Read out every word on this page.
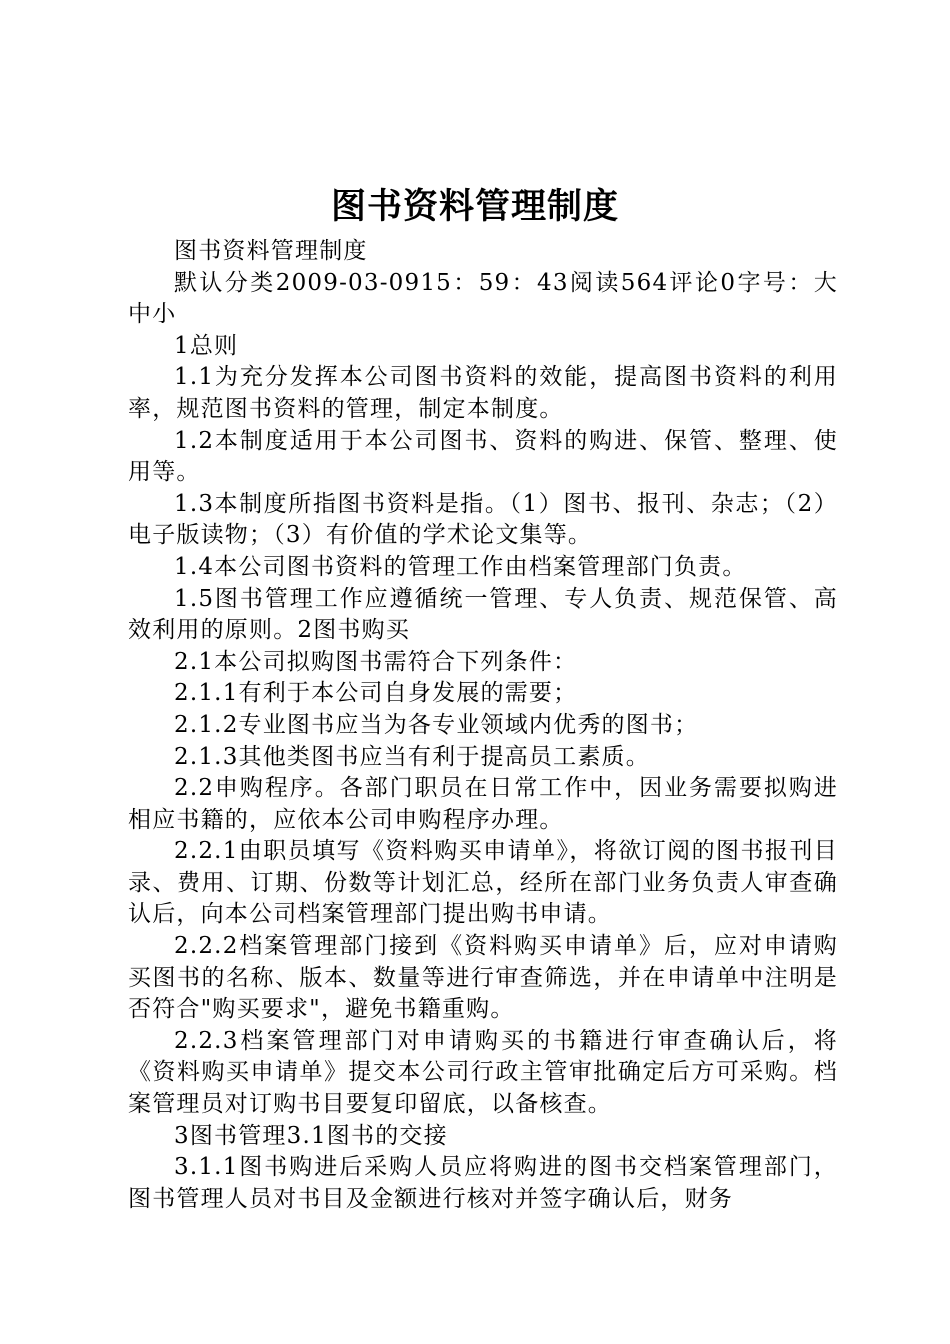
图书资料管理制度

图书资料管理制度

默认分类2009-03-0915：59：43阅读564评论0字号：大中小

1总则

1.1为充分发挥本公司图书资料的效能，提高图书资料的利用率，规范图书资料的管理，制定本制度。

1.2本制度适用于本公司图书、资料的购进、保管、整理、使用等。

1.3本制度所指图书资料是指。（1）图书、报刊、杂志；（2）电子版读物；（3）有价值的学术论文集等。

1.4本公司图书资料的管理工作由档案管理部门负责。

1.5图书管理工作应遵循统一管理、专人负责、规范保管、高效利用的原则。2图书购买

2.1本公司拟购图书需符合下列条件：

2.1.1有利于本公司自身发展的需要；

2.1.2专业图书应当为各专业领域内优秀的图书；

2.1.3其他类图书应当有利于提高员工素质。

2.2申购程序。各部门职员在日常工作中，因业务需要拟购进相应书籍的，应依本公司申购程序办理。

2.2.1由职员填写《资料购买申请单》，将欲订阅的图书报刊目录、费用、订期、份数等计划汇总，经所在部门业务负责人审查确认后，向本公司档案管理部门提出购书申请。

2.2.2档案管理部门接到《资料购买申请单》后，应对申请购买图书的名称、版本、数量等进行审查筛选，并在申请单中注明是否符合"购买要求"，避免书籍重购。

2.2.3档案管理部门对申请购买的书籍进行审查确认后，将《资料购买申请单》提交本公司行政主管审批确定后方可采购。档案管理员对订购书目要复印留底，以备核查。

3图书管理3.1图书的交接

3.1.1图书购进后采购人员应将购进的图书交档案管理部门，图书管理人员对书目及金额进行核对并签字确认后，财务
